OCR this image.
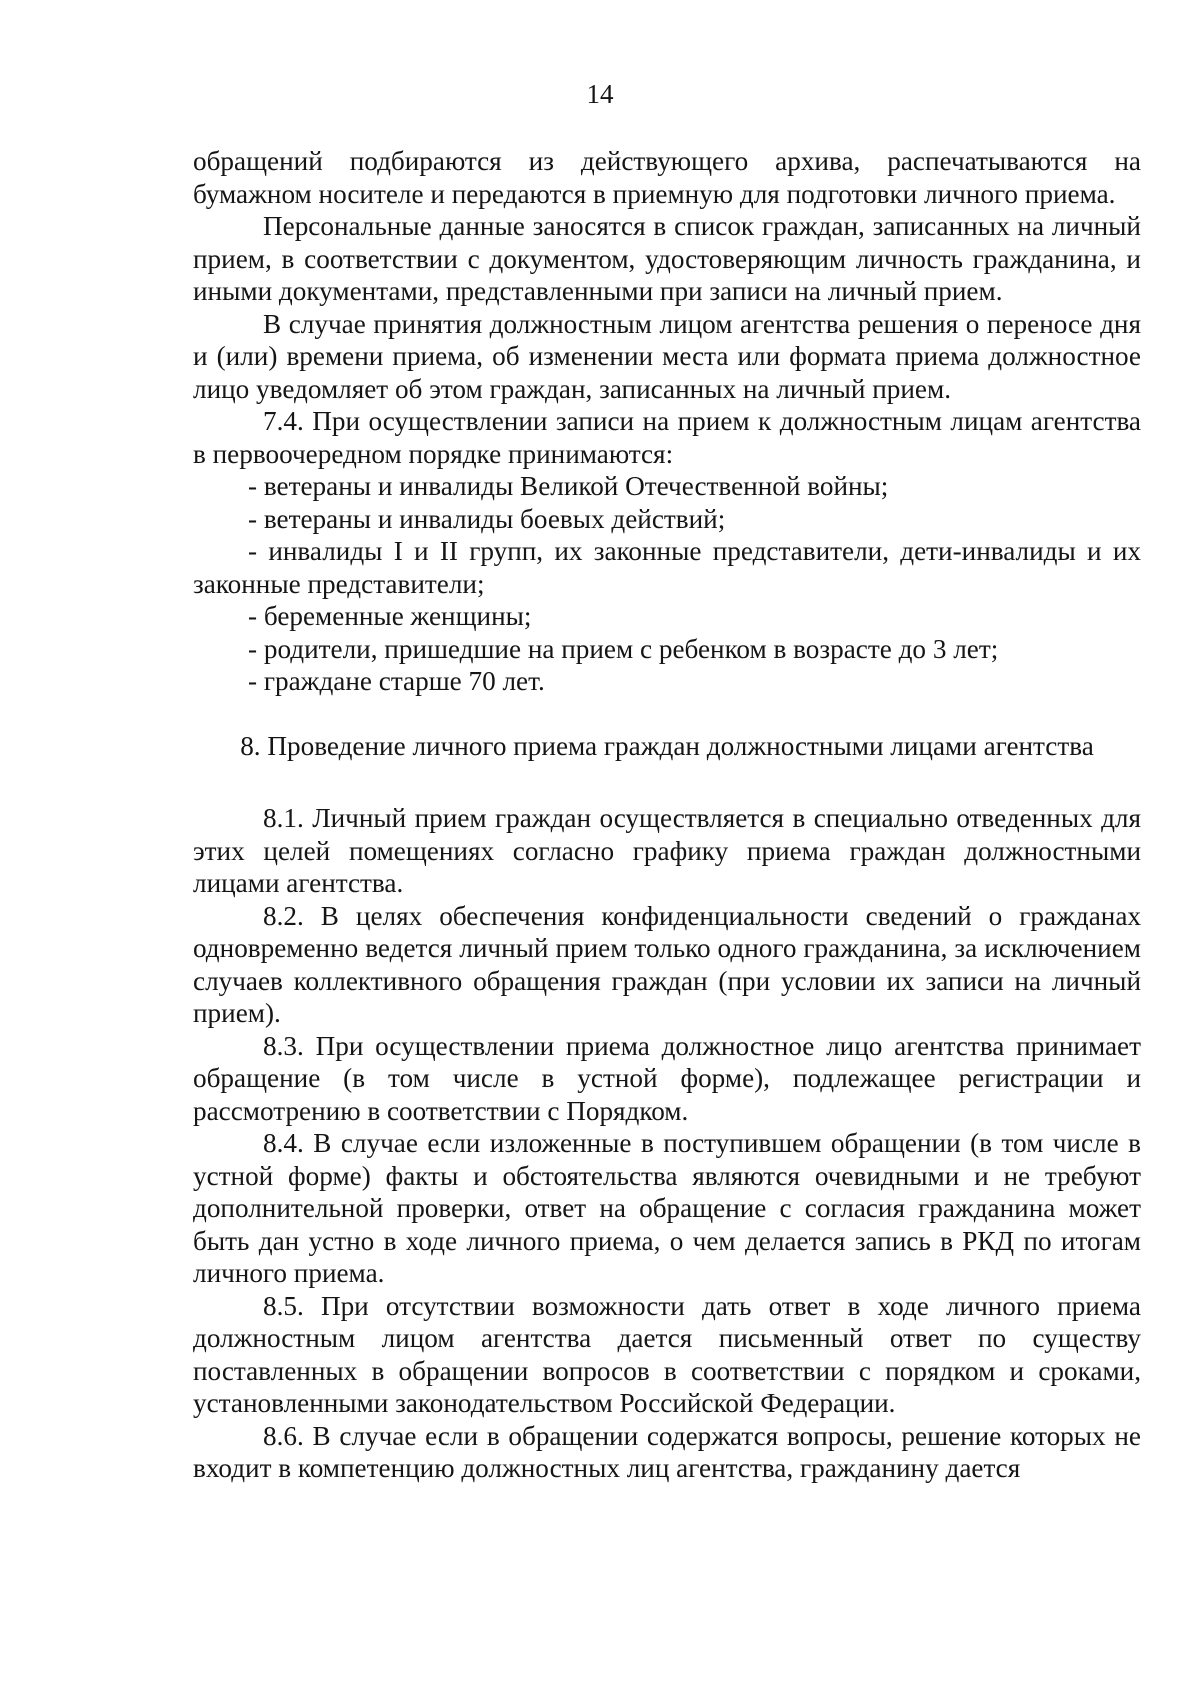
14

обращений подбираются из действующего архива, распечатываются на бумажном носителе и передаются в приемную для подготовки личного приема.

Персональные данные заносятся в список граждан, записанных на личный прием, в соответствии с документом, удостоверяющим личность гражданина, и иными документами, представленными при записи на личный прием.

В случае принятия должностным лицом агентства решения о переносе дня и (или) времени приема, об изменении места или формата приема должностное лицо уведомляет об этом граждан, записанных на личный прием.

7.4. При осуществлении записи на прием к должностным лицам агентства в первоочередном порядке принимаются:

- ветераны и инвалиды Великой Отечественной войны;

- ветераны и инвалиды боевых действий;

- инвалиды I и II групп, их законные представители, дети-инвалиды и их законные представители;

- беременные женщины;

- родители, пришедшие на прием с ребенком в возрасте до 3 лет;

- граждане старше 70 лет.

8. Проведение личного приема граждан должностными лицами агентства

8.1. Личный прием граждан осуществляется в специально отведенных для этих целей помещениях согласно графику приема граждан должностными лицами агентства.

8.2. В целях обеспечения конфиденциальности сведений о гражданах одновременно ведется личный прием только одного гражданина, за исключением случаев коллективного обращения граждан (при условии их записи на личный прием).

8.3. При осуществлении приема должностное лицо агентства принимает обращение (в том числе в устной форме), подлежащее регистрации и рассмотрению в соответствии с Порядком.

8.4. В случае если изложенные в поступившем обращении (в том числе в устной форме) факты и обстоятельства являются очевидными и не требуют дополнительной проверки, ответ на обращение с согласия гражданина может быть дан устно в ходе личного приема, о чем делается запись в РКД по итогам личного приема.

8.5. При отсутствии возможности дать ответ в ходе личного приема должностным лицом агентства дается письменный ответ по существу поставленных в обращении вопросов в соответствии с порядком и сроками, установленными законодательством Российской Федерации.

8.6. В случае если в обращении содержатся вопросы, решение которых не входит в компетенцию должностных лиц агентства, гражданину дается
